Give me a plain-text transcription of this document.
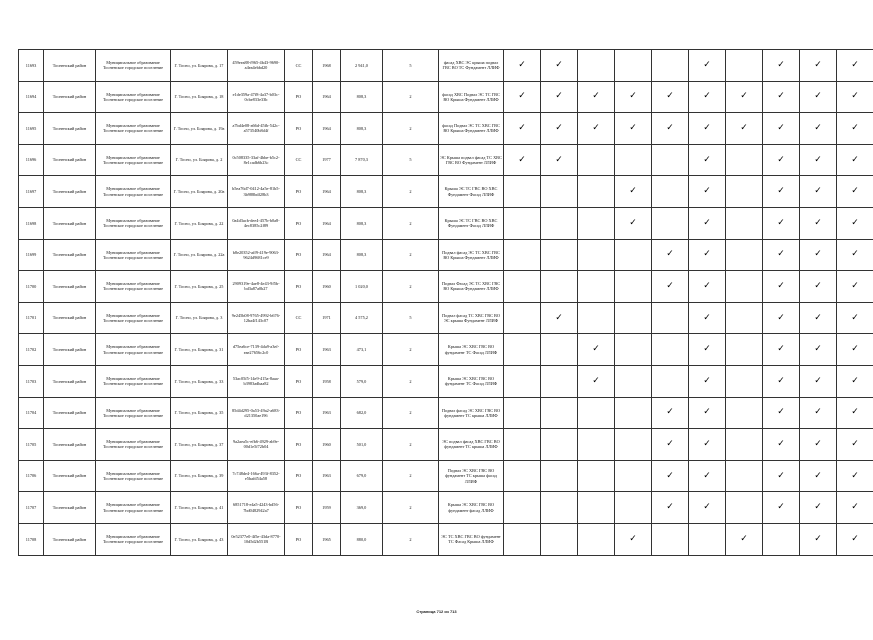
11693	Тосненский район	Муниципальное образование Тосненское городское поселение	Г. Тосно, ул. Боярова, д. 17	459eea88-f965-4b43-9690-a4ea4ebbd20	СС	1968	2 941,0	5	фасад ХВС ЭС крыша подвал ГВС ВО ТС Фундамент ЛЛИФ	✓	✓				✓		✓	✓	✓
11694	Тосненский район	Муниципальное образование Тосненское городское поселение	Г. Тосно, ул. Боярова, д. 18	e1de359a-47f8-4a37-b03c-0cbe833e33b	РО	1964	808,3	2	фасад ХВС Подвал ЭС ТС ГВС ВО Крыша Фундамент ЛЛИФ	✓	✓	✓	✓	✓	✓	✓	✓	✓	✓
11695	Тосненский район	Муниципальное образование Тосненское городское поселение	Г. Тосно, ул. Боярова, д. 19а	a7bd4e08-a66d-45fb-542c-a573540b8d4f	РО	1964	808,3	2	фасад Подвал ЭС ТС ХВС ГВС ВО Крыша Фундамент ЛЛИФ	✓	✓	✓	✓	✓	✓	✓	✓	✓	✓
11696	Тосненский район	Муниципальное образование Тосненское городское поселение	Г. Тосно, ул. Боярова, д. 2	0c508335-33af-4bbe-b5c2-8e1cadb6b23c	СС	1977	7 870,3	5	ЭС Крыша подвал фасад ТС ХВС ГВС ВО Фундамент ЛЛИФ	✓	✓				✓		✓	✓	✓
11697	Тосненский район	Муниципальное образование Тосненское городское поселение	Г. Тосно, ул. Боярова, д. 20а	b5ea76d7-0412-4a5e-81b5-3b988bdf28b3	РО	1964	808,3	2	Крыша ЭС ТС ГВС ВО ХВС Фундамент Фасад ЛЛИФ				✓		✓		✓	✓	✓
11698	Тосненский район	Муниципальное образование Тосненское городское поселение	Г. Тосно, ул. Боярова, д. 22	0a4d3acb-dee4-457b-b0a8-4ec8385c2f89	РО	1964	808,3	2	Крыша ЭС ТС ГВС ВО ХВС Фундамент Фасад ЛЛИФ				✓		✓		✓	✓	✓
11699	Тосненский район	Муниципальное образование Тосненское городское поселение	Г. Тосно, ул. Боярова, д. 22а	b8e20352-aff9-419e-9063-9624d9681ce9	РО	1964	808,3	2	Подвал фасад ЭС ТС ХВС ГВС ВО Крыша Фундамент ЛЛИФ					✓	✓		✓	✓	✓
11700	Тосненский район	Муниципальное образование Тосненское городское поселение	Г. Тосно, ул. Боярова, д. 25	2909319e-4ae8-4e43-9f5b-bd3a87a0b27	РО	1960	1 020,0	2	Подвал Фасад ЭС ТС ХВС ГВС ВО Крыша Фундамент ЛЛИФ					✓	✓		✓	✓	✓
11701	Тосненский район	Муниципальное образование Тосненское городское поселение	Г. Тосно, ул. Боярова, д. 3	9e245b08-9765-4992-b676-12ba4f143c07	СС	1971	4 575,2	5	Подвал фасад ТС ХВС ГВС ВО ЭС крыша Фундамент ЛЛИФ		✓				✓		✓	✓	✓
11702	Тосненский район	Муниципальное образование Тосненское городское поселение	Г. Тосно, ул. Боярова, д. 31	d75ea6ce-7139-4da9-a3ef-eae27656c2c0	РО	1963	473,1	2	Крыша ЭС ХВС ГВС ВО фундамент ТС Фасад ЛЛИФ			✓			✓		✓	✓	✓
11703	Тосненский район	Муниципальное образование Тосненское городское поселение	Г. Тосно, ул. Боярова, д. 33	53ac05f5-14e9-415a-8aaa-b3983adbaa82	РО	1958	579,0	2	Крыша ЭС ХВС ГВС ВО фундамент ТС Фасад ЛЛИФ			✓			✓		✓	✓	✓
11704	Тосненский район	Муниципальное образование Тосненское городское поселение	Г. Тосно, ул. Боярова, д. 35	85d4d295-0a53-49a2-a683-d21350ae196	РО	1963	682,0	2	Подвал фасад ЭС ХВС ГВС ВО фундамент ТС крыша ЛЛИФ					✓	✓		✓	✓	✓
11705	Тосненский район	Муниципальное образование Тосненское городское поселение	Г. Тосно, ул. Боярова, д. 37	9a2aea5c-efb6-4929-ab9e-00d1e5f72b04	РО	1960	501,0	2	ЭС подвал фасад ХВС ГВС ВО фундамент ТС крыша ЛЛИФ					✓	✓		✓	✓	✓
11706	Тосненский район	Муниципальное образование Тосненское городское поселение	Г. Тосно, ул. Боярова, д. 39	7c748de4-166a-493f-8352-e5bafd54a58	РО	1963	679,0	2	Подвал ЭС ХВС ГВС ВО фундамент ТС крыша фасад ЛЛИФ					✓	✓		✓	✓	✓
11707	Тосненский район	Муниципальное образование Тосненское городское поселение	Г. Тосно, ул. Боярова, д. 41	6851718-e4a5-4243-bd56-7bd0482942a7	РО	1959	369,0	2	Крыша ЭС ХВС ГВС ВО фундамент фасад ЛЛИФ					✓	✓		✓	✓	✓
11708	Тосненский район	Муниципальное образование Тосненское городское поселение	Г. Тосно, ул. Боярова, д. 43	0e52377e0-4f5e-43da-8770-10d5d2b551B	РО	1965	880,0	2	ЭС ТС ХВС ГВС ВО фундамент ТС Фасад Крыша ЛЛИФ				✓			✓		✓	✓
Страница 712 из 713
